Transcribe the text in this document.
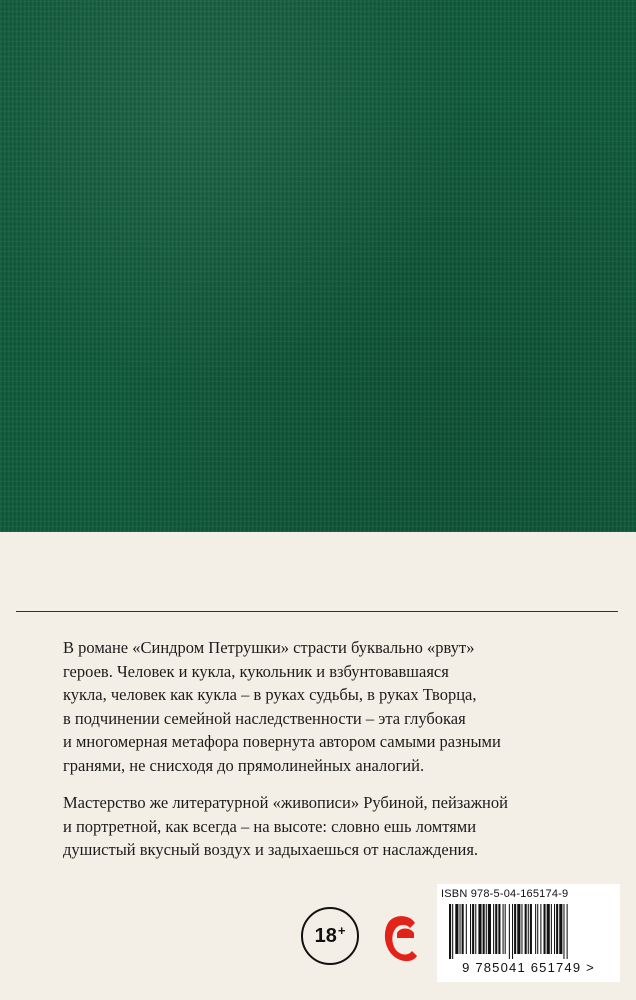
В романе «Синдром Петрушки» страсти буквально «рвут»
героев. Человек и кукла, кукольник и взбунтовавшаяся
кукла, человек как кукла – в руках судьбы, в руках Творца,
в подчинении семейной наследственности – эта глубокая
и многомерная метафора повернута автором самыми разными
гранями, не снисходя до прямолинейных аналогий.

Мастерство же литературной «живописи» Рубиной, пейзажной
и портретной, как всегда – на высоте: словно ешь ломтями
душистый вкусный воздух и задыхаешься от наслаждения.

18 +
ISBN 978-5-04-165174-9
9 785041 651749 >
